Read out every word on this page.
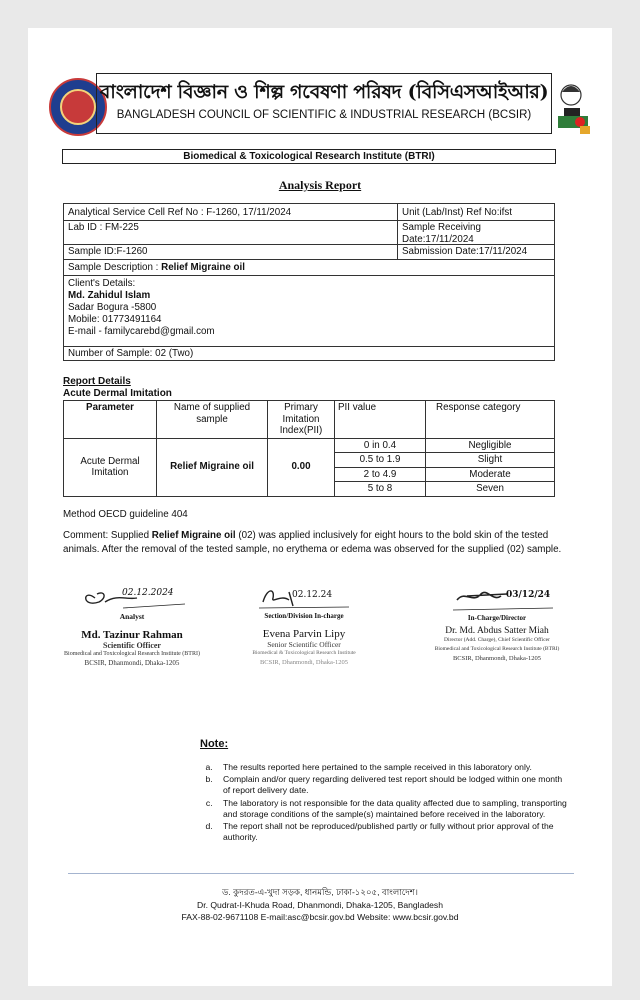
বাংলাদেশ বিজ্ঞান ও শিল্প গবেষণা পরিষদ (বিসিএসআইআর)
BANGLADESH COUNCIL OF SCIENTIFIC & INDUSTRIAL RESEARCH (BCSIR)
Biomedical & Toxicological Research Institute (BTRI)
Analysis Report
Analytical Service Cell Ref No : F-1260, 17/11/2024	Unit (Lab/Inst) Ref No:ifst
Lab ID : FM-225	Sample Receiving
Date:17/11/2024
Sample ID:F-1260	Sabmission Date:17/11/2024
Sample Description : Relief Migraine oil
Client's Details:
Md. Zahidul Islam
Sadar Bogura -5800
Mobile: 01773491164
E-mail - familycarebd@gmail.com
Number of Sample: 02 (Two)
Report Details
Acute Dermal Imitation
Parameter	Name of supplied sample	Primary Imitation Index(PII)	PII value	Response category
Acute Dermal Imitation	Relief Migraine oil	0.00	0 in 0.4	Negligible
			0.5 to 1.9	Slight
			2 to 4.9	Moderate
			5 to 8	Seven
Method OECD guideline 404
Comment: Supplied Relief Migraine oil (02) was applied inclusively for eight hours to the bold skin of the tested animals. After the removal of the tested sample, no erythema or edema was observed for the supplied (02) sample.
02.12.2024
Analyst
Md. Tazinur Rahman
Scientific Officer
Biomedical and Toxicological Research Institute (BTRI)
BCSIR, Dhanmondi, Dhaka-1205
02.12.24
Section/Division In-charge
Evena Parvin Lipy
Senior Scientific Officer
Biomedical & Toxicological Research Institute
BCSIR, Dhanmondi, Dhaka-1205
03/12/24
In-Charge/Director
Dr. Md. Abdus Satter Miah
Director (Add. Charge), Chief Scientific Officer
Biomedical and Toxicological Research Institute (BTRI)
BCSIR, Dhanmondi, Dhaka-1205
Note:
a. The results reported here pertained to the sample received in this laboratory only.
b. Complain and/or query regarding delivered test report should be lodged within one month of report delivery date.
c. The laboratory is not responsible for the data quality affected due to sampling, transporting and storage conditions of the sample(s) maintained before received in the laboratory.
d. The report shall not be reproduced/published partly or fully without prior approval of the authority.
ড. কুদরত-এ-খুদা সড়ক, ধানমন্ডি, ঢাকা-১২০৫, বাংলাদেশ।
Dr. Qudrat-I-Khuda Road, Dhanmondi, Dhaka-1205, Bangladesh
FAX-88-02-9671108 E-mail:asc@bcsir.gov.bd Website: www.bcsir.gov.bd
